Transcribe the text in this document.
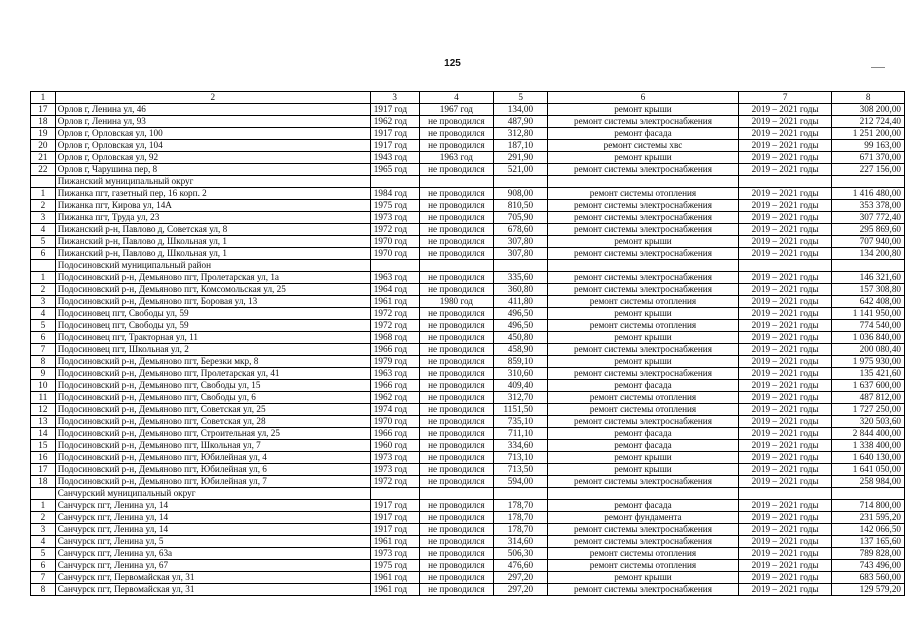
125
1	2	3	4	5	6	7	8
17	Орлов г, Ленина ул, 46	1917 год	1967 год	134,00	ремонт крыши	2019 – 2021 годы	308 200,00
18	Орлов г, Ленина ул, 93	1962 год	не проводился	487,90	ремонт системы электроснабжения	2019 – 2021 годы	212 724,40
19	Орлов г, Орловская ул, 100	1917 год	не проводился	312,80	ремонт фасада	2019 – 2021 годы	1 251 200,00
20	Орлов г, Орловская ул, 104	1917 год	не проводился	187,10	ремонт системы хвс	2019 – 2021 годы	99 163,00
21	Орлов г, Орловская ул, 92	1943 год	1963 год	291,90	ремонт крыши	2019 – 2021 годы	671 370,00
22	Орлов г, Чарушина пер, 8	1965 год	не проводился	521,00	ремонт системы электроснабжения	2019 – 2021 годы	227 156,00
	Пижанский муниципальный округ						
1	Пижанка пгт, газетный пер, 16 корп. 2	1984 год	не проводился	908,00	ремонт системы отопления	2019 – 2021 годы	1 416 480,00
2	Пижанка пгт, Кирова ул, 14А	1975 год	не проводился	810,50	ремонт системы электроснабжения	2019 – 2021 годы	353 378,00
3	Пижанка пгт, Труда ул, 23	1973 год	не проводился	705,90	ремонт системы электроснабжения	2019 – 2021 годы	307 772,40
4	Пижанский р-н, Павлово д, Советская ул, 8	1972 год	не проводился	678,60	ремонт системы электроснабжения	2019 – 2021 годы	295 869,60
5	Пижанский р-н, Павлово д, Школьная ул, 1	1970 год	не проводился	307,80	ремонт крыши	2019 – 2021 годы	707 940,00
6	Пижанский р-н, Павлово д, Школьная ул, 1	1970 год	не проводился	307,80	ремонт системы электроснабжения	2019 – 2021 годы	134 200,80
	Подосиновский муниципальный район						
1	Подосиновский р-н, Демьяново пгт, Пролетарская ул, 1а	1963 год	не проводился	335,60	ремонт системы электроснабжения	2019 – 2021 годы	146 321,60
2	Подосиновский р-н, Демьяново пгт, Комсомольская ул, 25	1964 год	не проводился	360,80	ремонт системы электроснабжения	2019 – 2021 годы	157 308,80
3	Подосиновский р-н, Демьяново пгт, Боровая ул, 13	1961 год	1980 год	411,80	ремонт системы отопления	2019 – 2021 годы	642 408,00
4	Подосиновец пгт, Свободы ул, 59	1972 год	не проводился	496,50	ремонт крыши	2019 – 2021 годы	1 141 950,00
5	Подосиновец пгт, Свободы ул, 59	1972 год	не проводился	496,50	ремонт системы отопления	2019 – 2021 годы	774 540,00
6	Подосиновец пгт, Тракторная ул, 11	1968 год	не проводился	450,80	ремонт крыши	2019 – 2021 годы	1 036 840,00
7	Подосиновец пгт, Школьная ул, 2	1966 год	не проводился	458,90	ремонт системы электроснабжения	2019 – 2021 годы	200 080,40
8	Подосиновский р-н, Демьяново пгт, Березки мкр, 8	1979 год	не проводился	859,10	ремонт крыши	2019 – 2021 годы	1 975 930,00
9	Подосиновский р-н, Демьяново пгт, Пролетарская ул, 41	1963 год	не проводился	310,60	ремонт системы электроснабжения	2019 – 2021 годы	135 421,60
10	Подосиновский р-н, Демьяново пгт, Свободы ул, 15	1966 год	не проводился	409,40	ремонт фасада	2019 – 2021 годы	1 637 600,00
11	Подосиновский р-н, Демьяново пгт, Свободы ул, 6	1962 год	не проводился	312,70	ремонт системы отопления	2019 – 2021 годы	487 812,00
12	Подосиновский р-н, Демьяново пгт, Советская ул, 25	1974 год	не проводился	1151,50	ремонт системы отопления	2019 – 2021 годы	1 727 250,00
13	Подосиновский р-н, Демьяново пгт, Советская ул, 28	1970 год	не проводился	735,10	ремонт системы электроснабжения	2019 – 2021 годы	320 503,60
14	Подосиновский р-н, Демьяново пгт, Строительная ул, 25	1966 год	не проводился	711,10	ремонт фасада	2019 – 2021 годы	2 844 400,00
15	Подосиновский р-н, Демьяново пгт, Школьная ул, 7	1960 год	не проводился	334,60	ремонт фасада	2019 – 2021 годы	1 338 400,00
16	Подосиновский р-н, Демьяново пгт, Юбилейная ул, 4	1973 год	не проводился	713,10	ремонт крыши	2019 – 2021 годы	1 640 130,00
17	Подосиновский р-н, Демьяново пгт, Юбилейная ул, 6	1973 год	не проводился	713,50	ремонт крыши	2019 – 2021 годы	1 641 050,00
18	Подосиновский р-н, Демьяново пгт, Юбилейная ул, 7	1972 год	не проводился	594,00	ремонт системы электроснабжения	2019 – 2021 годы	258 984,00
	Санчурский муниципальный округ						
1	Санчурск пгт, Ленина ул, 14	1917 год	не проводился	178,70	ремонт фасада	2019 – 2021 годы	714 800,00
2	Санчурск пгт, Ленина ул, 14	1917 год	не проводился	178,70	ремонт фундамента	2019 – 2021 годы	231 595,20
3	Санчурск пгт, Ленина ул, 14	1917 год	не проводился	178,70	ремонт системы электроснабжения	2019 – 2021 годы	142 066,50
4	Санчурск пгт, Ленина ул, 5	1961 год	не проводился	314,60	ремонт системы электроснабжения	2019 – 2021 годы	137 165,60
5	Санчурск пгт, Ленина ул, 63а	1973 год	не проводился	506,30	ремонт системы отопления	2019 – 2021 годы	789 828,00
6	Санчурск пгт, Ленина ул, 67	1975 год	не проводился	476,60	ремонт системы отопления	2019 – 2021 годы	743 496,00
7	Санчурск пгт, Первомайская ул, 31	1961 год	не проводился	297,20	ремонт крыши	2019 – 2021 годы	683 560,00
8	Санчурск пгт, Первомайская ул, 31	1961 год	не проводился	297,20	ремонт системы электроснабжения	2019 – 2021 годы	129 579,20
